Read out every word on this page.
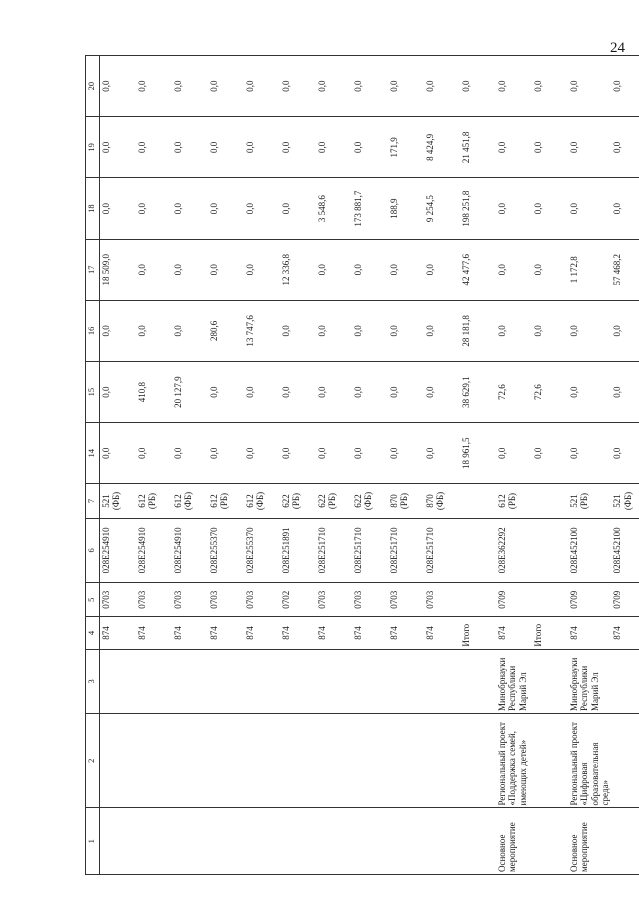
24
1	2	3	4	5	6	7	14	15	16	17	18	19	20
			874	0703	028E254910	521 (ФБ)	0,0	0,0	0,0	18 509,0	0,0	0,0	0,0
			874	0703	028E254910	612 (РБ)	0,0	410,8	0,0	0,0	0,0	0,0	0,0
			874	0703	028E254910	612 (ФБ)	0,0	20 127,9	0,0	0,0	0,0	0,0	0,0
			874	0703	028E255370	612 (РБ)	0,0	0,0	280,6	0,0	0,0	0,0	0,0
			874	0703	028E255370	612 (ФБ)	0,0	0,0	13 747,6	0,0	0,0	0,0	0,0
			874	0702	028E251891	622 (РБ)	0,0	0,0	0,0	12 336,8	0,0	0,0	0,0
			874	0703	028E251710	622 (РБ)	0,0	0,0	0,0	0,0	3 548,6	0,0	0,0
			874	0703	028E251710	622 (ФБ)	0,0	0,0	0,0	0,0	173 881,7	0,0	0,0
			874	0703	028E251710	870 (РБ)	0,0	0,0	0,0	0,0	188,9	171,9	0,0
			874	0703	028E251710	870 (ФБ)	0,0	0,0	0,0	0,0	9 254,5	8 424,9	0,0
			Итого				18 961,5	38 629,1	28 181,8	42 477,6	198 251,8	21 451,8	0,0
Основное мероприятие	Региональный проект «Поддержка семей, имеющих детей»	Минобрнауки Республики Марий Эл	874	0709	028E362292	612 (РБ)	0,0	72,6	0,0	0,0	0,0	0,0	0,0
			Итого				0,0	72,6	0,0	0,0	0,0	0,0	0,0
Основное мероприятие	Региональный проект «Цифровая образовательная среда»	Минобрнауки Республики Марий Эл	874	0709	028E452100	521 (РБ)	0,0	0,0	0,0	1 172,8	0,0	0,0	0,0
			874	0709	028E452100	521 (ФБ)	0,0	0,0	0,0	57 468,2	0,0	0,0	0,0
